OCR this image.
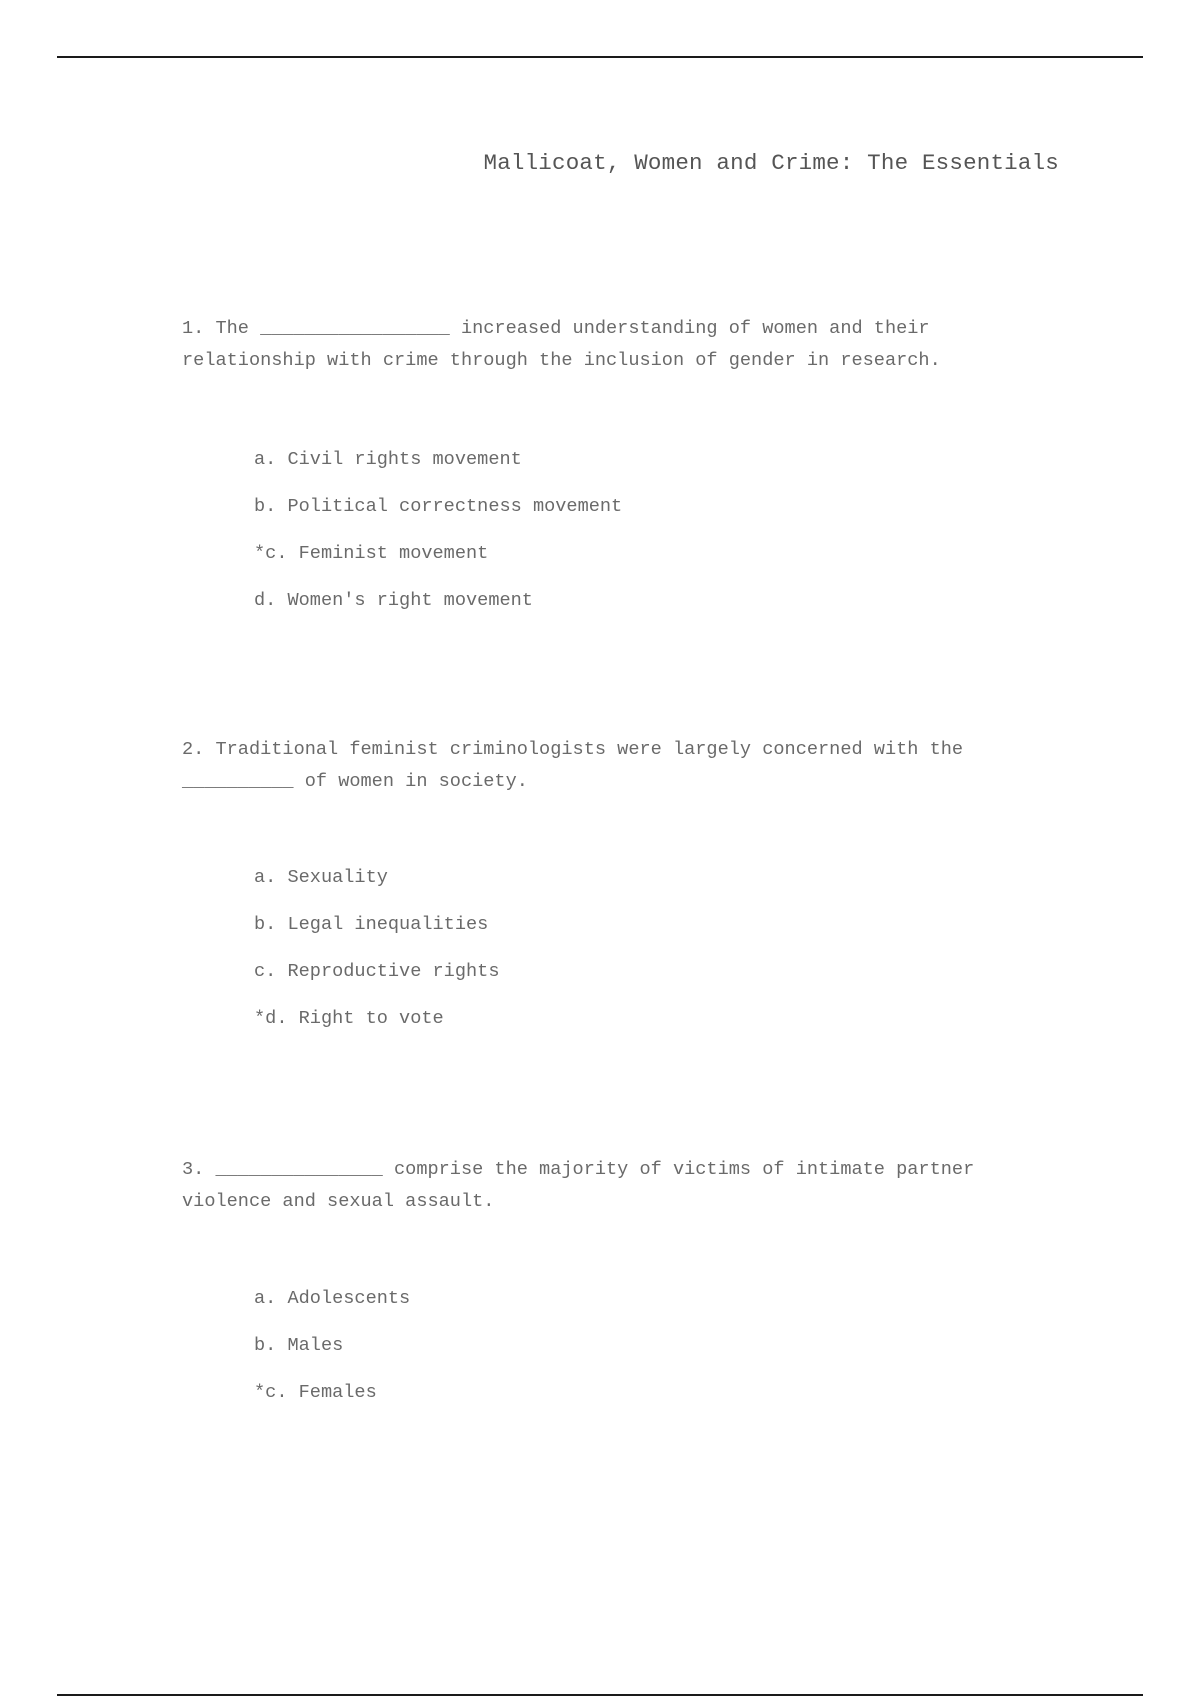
Mallicoat, Women and Crime: The Essentials

1. The _________________ increased understanding of women and their

relationship with crime through the inclusion of gender in research.

a. Civil rights movement
b. Political correctness movement
*c. Feminist movement
d. Women's right movement

2. Traditional feminist criminologists were largely concerned with the

__________ of women in society.

a. Sexuality
b. Legal inequalities
c. Reproductive rights
*d. Right to vote

3. _______________ comprise the majority of victims of intimate partner

violence and sexual assault.

a. Adolescents
b. Males
*c. Females
